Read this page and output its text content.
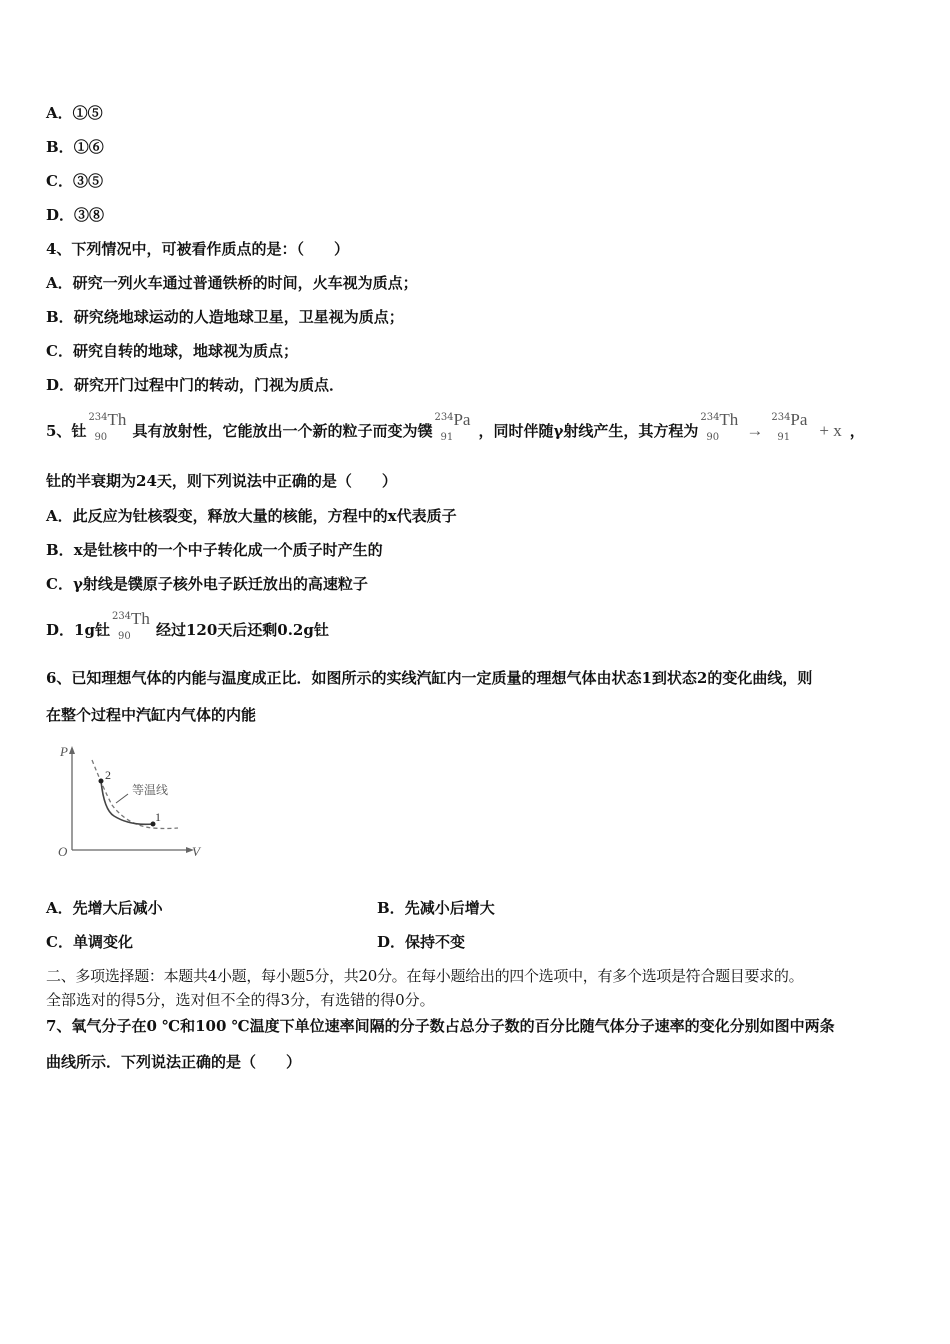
A．①⑤
B．①⑥
C．③⑤
D．③⑧
4、下列情况中，可被看作质点的是：（　　）
A．研究一列火车通过普通铁桥的时间，火车视为质点；
B．研究绕地球运动的人造地球卫星，卫星视为质点；
C．研究自转的地球，地球视为质点；
D．研究开门过程中门的转动，门视为质点．
5、钍
234
90
Th
具有放射性，它能放出一个新的粒子而变为镤
234
91
Pa
，同时伴随γ射线产生，其方程为
234
90
Th
→
234
91
Pa
+ x ，
钍的半衰期为24天，则下列说法中正确的是（　　）
A．此反应为钍核裂变，释放大量的核能，方程中的x代表质子
B．x是钍核中的一个中子转化成一个质子时产生的
C．γ射线是镤原子核外电子跃迁放出的高速粒子
D．1g钍
234
90
Th
经过120天后还剩0.2g钍
6、已知理想气体的内能与温度成正比．如图所示的实线汽缸内一定质量的理想气体由状态1到状态2的变化曲线，则
在整个过程中汽缸内气体的内能
P
V
O
2
1
等温线
A．先增大后减小	B．先减小后增大
C．单调变化	D．保持不变
二、多项选择题：本题共4小题，每小题5分，共20分。在每小题给出的四个选项中，有多个选项是符合题目要求的。
全部选对的得5分，选对但不全的得3分，有选错的得0分。
7、氧气分子在0 ℃和100 ℃温度下单位速率间隔的分子数占总分子数的百分比随气体分子速率的变化分别如图中两条
曲线所示．下列说法正确的是（　　）
